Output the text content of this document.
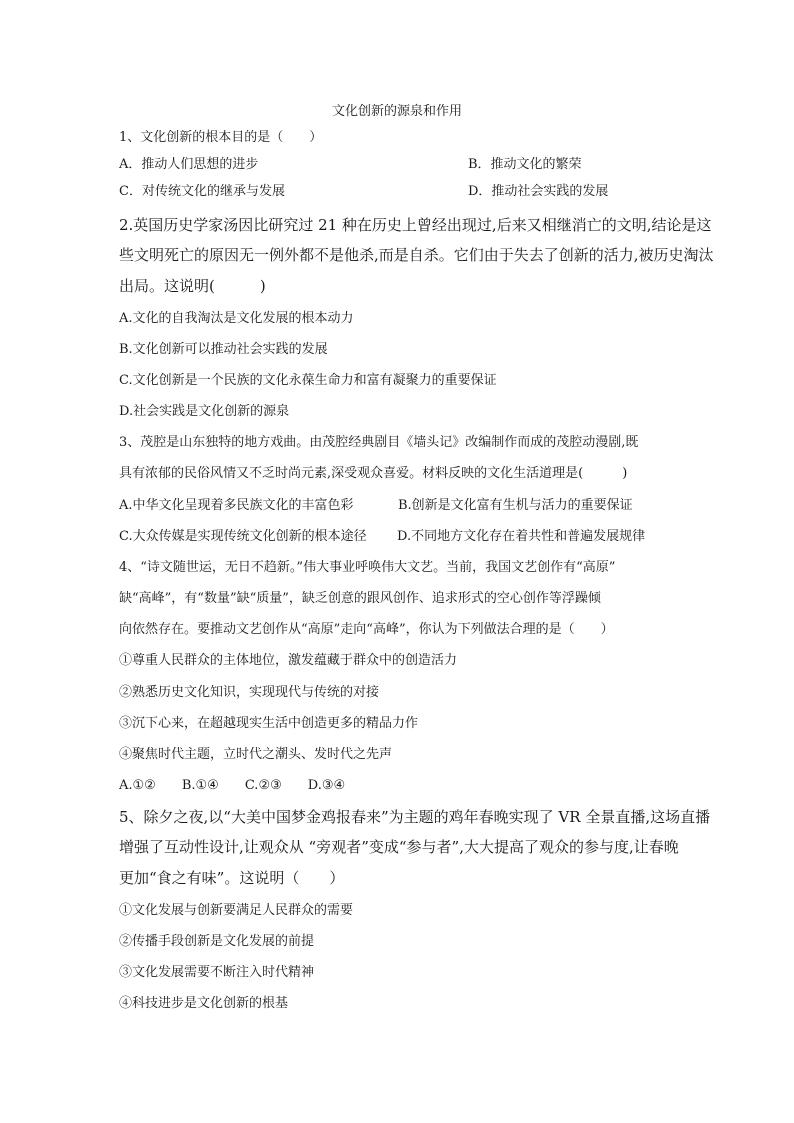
文化创新的源泉和作用
1、文化创新的根本目的是（　　）
A．推动人们思想的进步	B．推动文化的繁荣
C．对传统文化的继承与发展	D．推动社会实践的发展
2.英国历史学家汤因比研究过 21 种在历史上曾经出现过,后来又相继消亡的文明,结论是这
些文明死亡的原因无一例外都不是他杀,而是自杀。它们由于失去了创新的活力,被历史淘汰
出局。这说明(　　　)
A.文化的自我淘汰是文化发展的根本动力
B.文化创新可以推动社会实践的发展
C.文化创新是一个民族的文化永葆生命力和富有凝聚力的重要保证
D.社会实践是文化创新的源泉
3、茂腔是山东独特的地方戏曲。由茂腔经典剧目《墙头记》改编制作而成的茂腔动漫剧,既
具有浓郁的民俗风情又不乏时尚元素,深受观众喜爱。材料反映的文化生活道理是(　　　)
A.中华文化呈现着多民族文化的丰富色彩	B.创新是文化富有生机与活力的重要保证
C.大众传媒是实现传统文化创新的根本途径 D.不同地方文化存在着共性和普遍发展规律
4、“诗文随世运，无日不趋新。”伟大事业呼唤伟大文艺。当前，我国文艺创作有“高原”
缺“高峰”，有“数量”缺“质量”，缺乏创意的跟风创作、追求形式的空心创作等浮躁倾
向依然存在。要推动文艺创作从“高原”走向“高峰”，你认为下列做法合理的是（　　）
①尊重人民群众的主体地位，激发蕴藏于群众中的创造活力
②熟悉历史文化知识，实现现代与传统的对接
③沉下心来，在超越现实生活中创造更多的精品力作
④聚焦时代主题，立时代之潮头、发时代之先声
A.①②　　B.①④　　C.②③　　D.③④
5、除夕之夜,以“大美中国梦金鸡报春来”为主题的鸡年春晚实现了 VR 全景直播,这场直播
增强了互动性设计,让观众从 “旁观者”变成“参与者”,大大提高了观众的参与度,让春晚
更加“食之有味”。这说明（　　）
①文化发展与创新要满足人民群众的需要
②传播手段创新是文化发展的前提
③文化发展需要不断注入时代精神
④科技进步是文化创新的根基
